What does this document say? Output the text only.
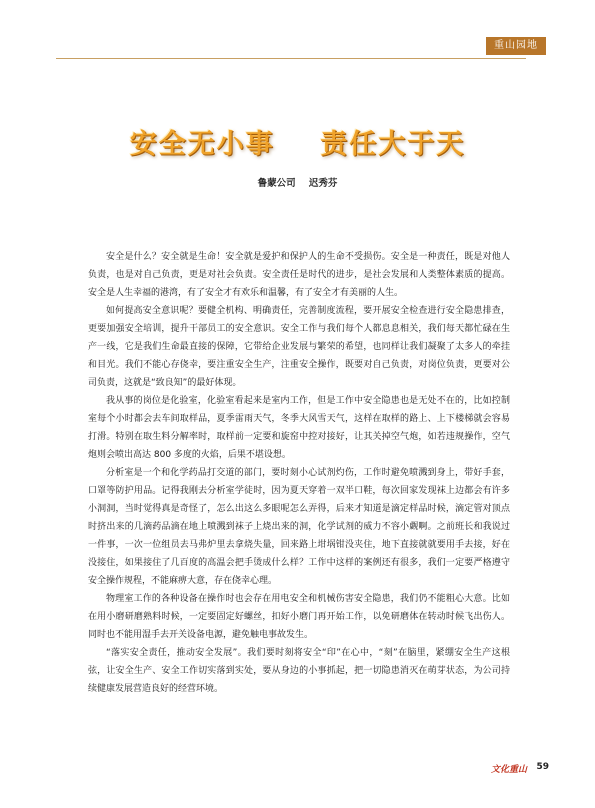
重山园地
安全无小事    责任大于天
鲁蒙公司 迟秀芬

安全是什么？安全就是生命！安全就是爱护和保护人的生命不受损伤。安全是一种责任，既是对他人负责，也是对自己负责，更是对社会负责。安全责任是时代的进步，是社会发展和人类整体素质的提高。安全是人生幸福的港湾，有了安全才有欢乐和温馨，有了安全才有美丽的人生。

如何提高安全意识呢？要健全机构、明确责任，完善制度流程，要开展安全检查进行安全隐患排查，更要加强安全培训，提升干部员工的安全意识。安全工作与我们每个人都息息相关，我们每天都忙碌在生产一线，它是我们生命最直接的保障，它带给企业发展与繁荣的希望，也同样让我们凝聚了太多人的牵挂和目光。我们不能心存侥幸，要注重安全生产，注重安全操作，既要对自己负责，对岗位负责，更要对公司负责，这就是“致良知”的最好体现。

我从事的岗位是化验室，化验室看起来是室内工作，但是工作中安全隐患也是无处不在的，比如控制室每个小时都会去车间取样品，夏季雷雨天气，冬季大风雪天气，这样在取样的路上、上下楼梯就会容易打滑。特别在取生料分解率时，取样前一定要和旋窑中控对接好，让其关掉空气炮，如若违规操作，空气炮则会喷出高达 800 多度的火焰，后果不堪设想。

分析室是一个和化学药品打交道的部门，要时刻小心试剂灼伤，工作时避免喷溅到身上，带好手套，口罩等防护用品。记得我刚去分析室学徒时，因为夏天穿着一双半口鞋，每次回家发现袜上边都会有许多小洞洞，当时觉得真是奇怪了，怎么出这么多眼呢怎么弄得，后来才知道是滴定样品时候，滴定管对顶点时挤出来的几滴药品滴在地上喷溅到袜子上烧出来的洞，化学试剂的威力不容小觑啊。之前班长和我说过一件事，一次一位组员去马弗炉里去拿烧失量，回来路上坩埚钳没夹住，地下直接就就要用手去接，好在没接住，如果接住了几百度的高温会把手烫成什么样？工作中这样的案例还有很多，我们一定要严格遵守安全操作规程，不能麻痹大意，存在侥幸心理。

物理室工作的各种设备在操作时也会存在用电安全和机械伤害安全隐患，我们仍不能粗心大意。比如在用小磨研磨熟料时候，一定要固定好螺丝，扣好小磨门再开始工作，以免研磨体在转动时候飞出伤人。同时也不能用湿手去开关设备电源，避免触电事故发生。

“落实安全责任，推动安全发展”。我们要时刻将安全“印”在心中，“刻”在脑里，紧绷安全生产这根弦，让安全生产、安全工作切实落到实处，要从身边的小事抓起，把一切隐患消灭在萌芽状态，为公司持续健康发展营造良好的经营环境。

文化重山 59
